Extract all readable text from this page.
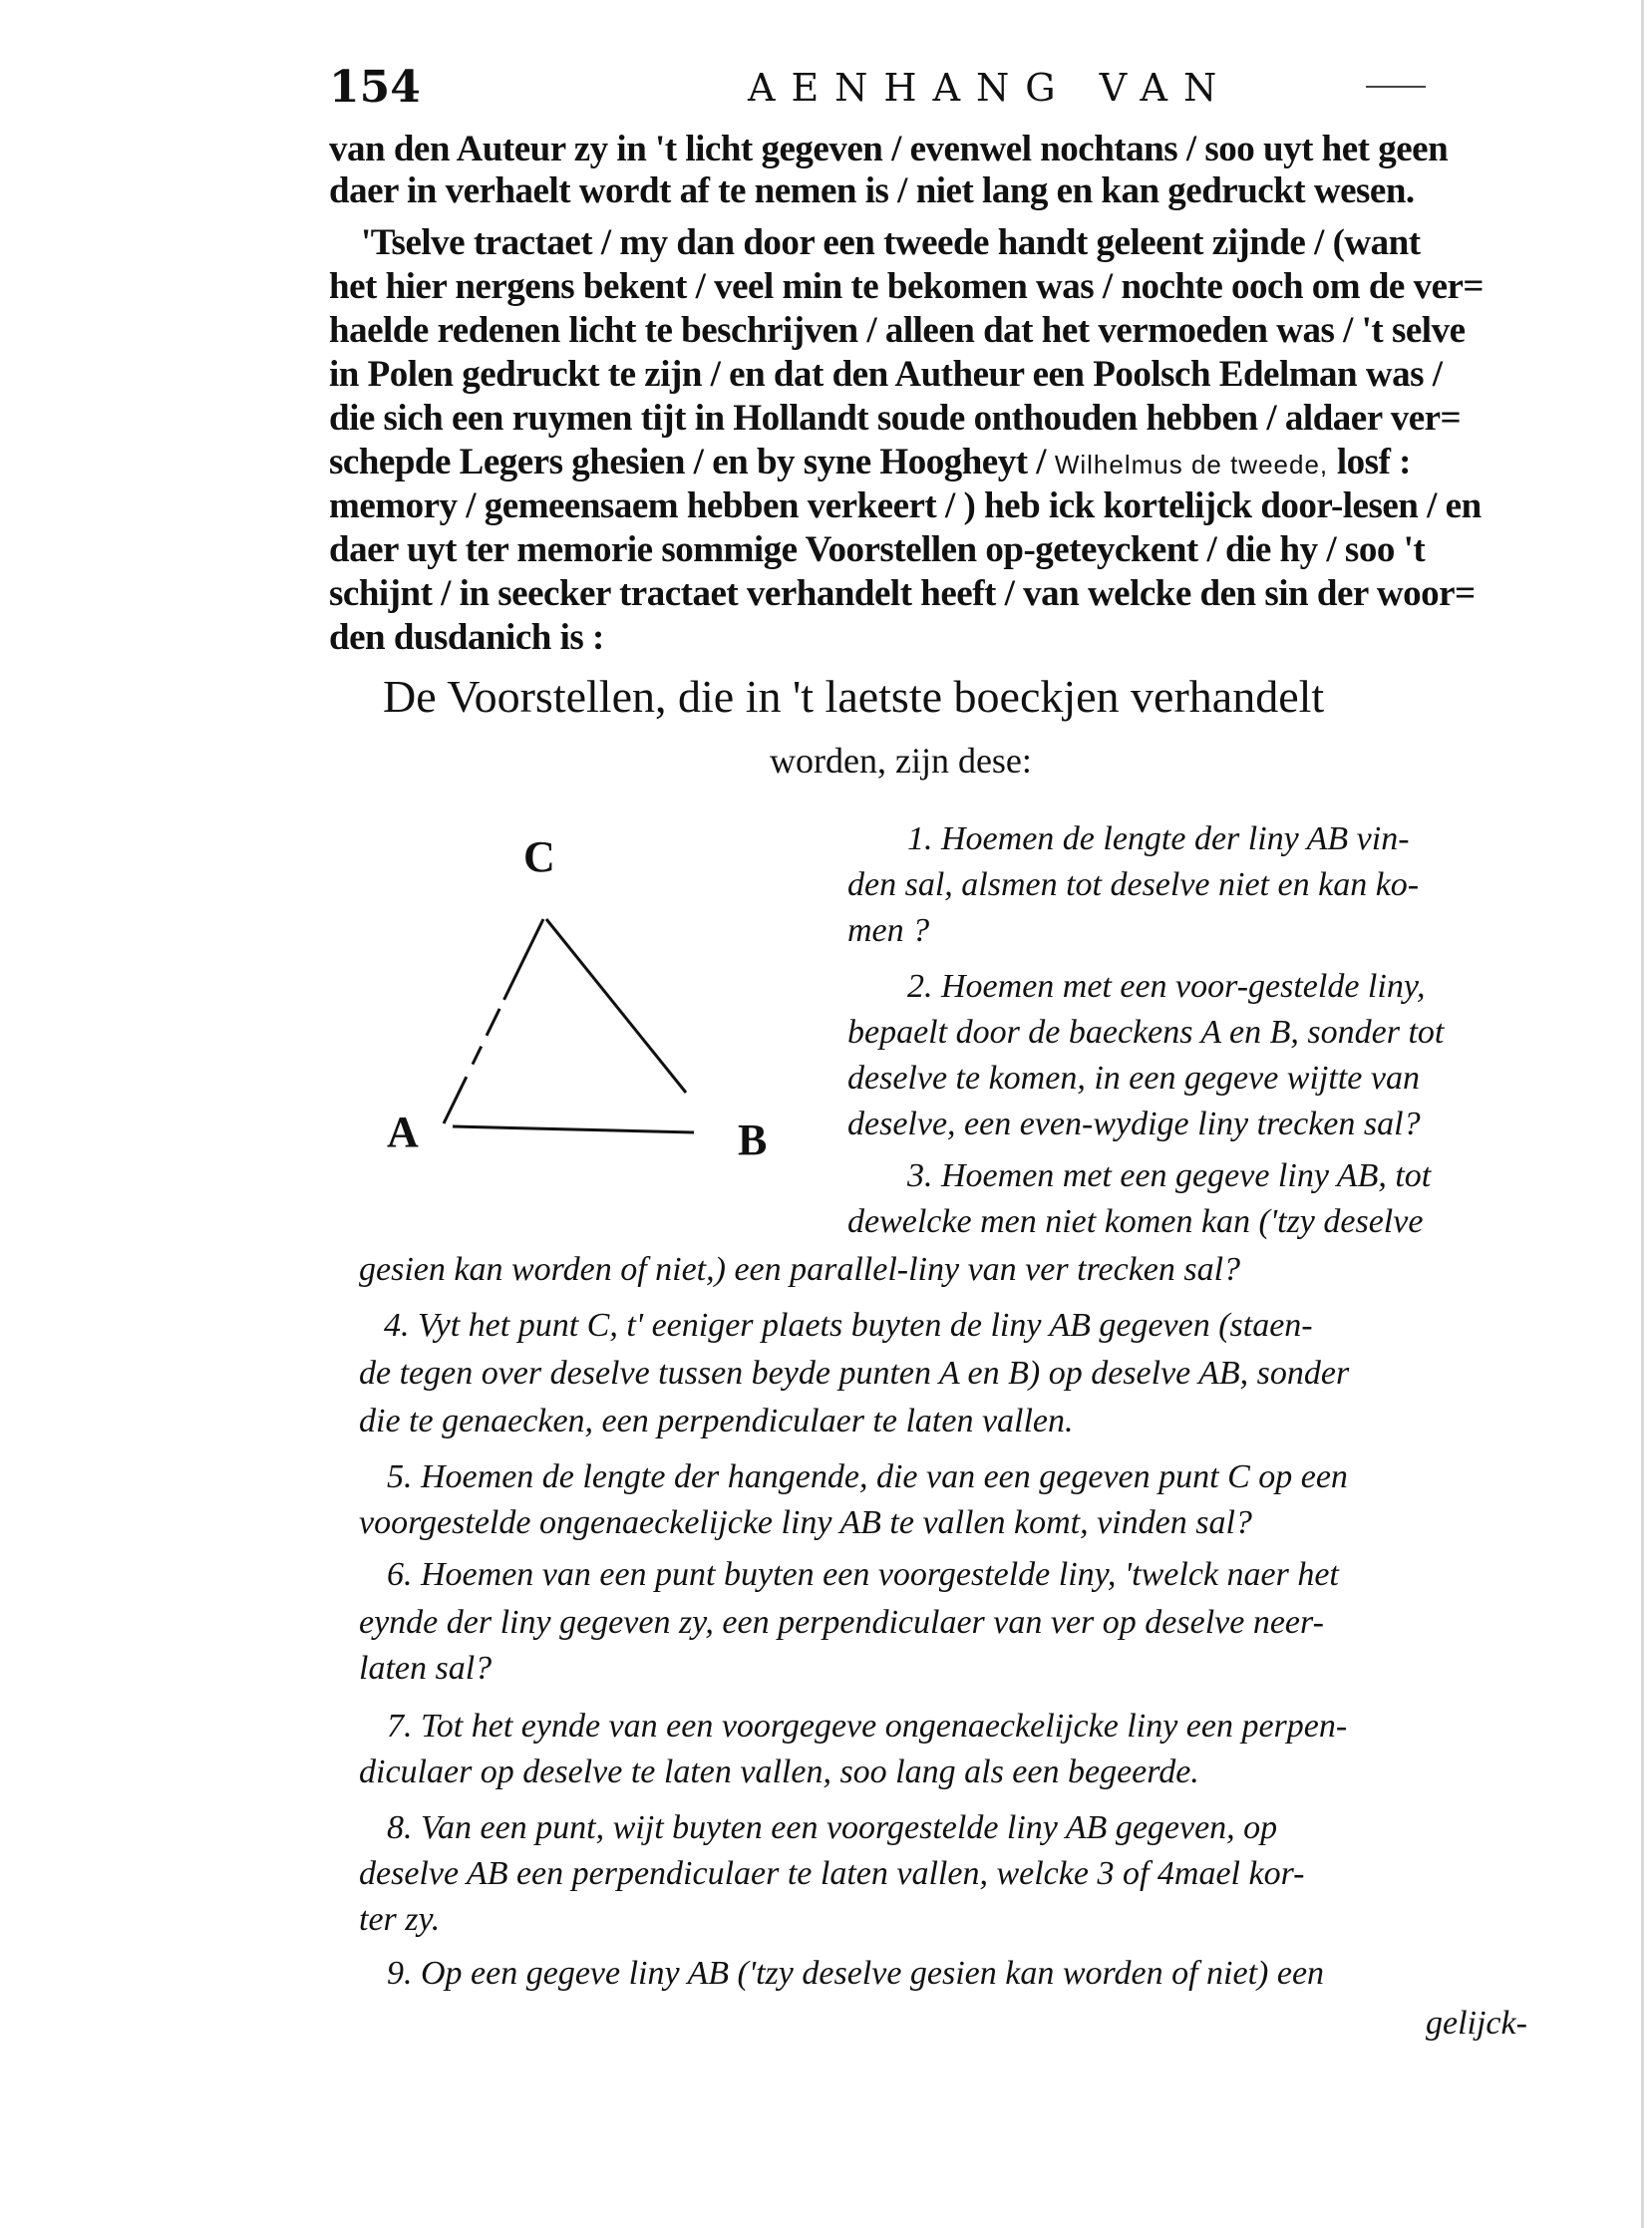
154	AENHANG VAN
van den Auteur zy in 't licht gegeven / evenwel nochtans / soo uyt het geen
daer in verhaelt wordt af te nemen is / niet lang en kan gedruckt wesen.
'Tselve tractaet / my dan door een tweede handt geleent zijnde / (want
het hier nergens bekent / veel min te bekomen was / nochte ooch om de ver=
haelde redenen licht te beschrijven / alleen dat het vermoeden was / 't selve
in Polen gedruckt te zijn / en dat den Autheur een Poolsch Edelman was /
die sich een ruymen tijt in Hollandt soude onthouden hebben / aldaer ver=
schepde Legers ghesien / en by syne Hoogheyt / Wilhelmus de tweede, losf :
memory / gemeensaem hebben verkeert / ) heb ick kortelijck door-lesen / en
daer uyt ter memorie sommige Voorstellen op-geteyckent / die hy / soo 't
schijnt / in seecker tractaet verhandelt heeft / van welcke den sin der woor=
den dusdanich is :
De Voorstellen, die in 't laetste boeckjen verhandelt
worden, zijn dese:
C
A	B
1. Hoemen de lengte der liny AB vin-
den sal, alsmen tot deselve niet en kan ko-
men ?
2. Hoemen met een voor-gestelde liny,
bepaelt door de baeckens A en B, sonder tot
deselve te komen, in een gegeve wijtte van
deselve, een even-wydige liny trecken sal?
3. Hoemen met een gegeve liny AB, tot
dewelcke men niet komen kan ('tzy deselve
gesien kan worden of niet,) een parallel-liny van ver trecken sal?
4. Vyt het punt C, t' eeniger plaets buyten de liny AB gegeven (staen-
de tegen over deselve tussen beyde punten A en B) op deselve AB, sonder
die te genaecken, een perpendiculaer te laten vallen.
5. Hoemen de lengte der hangende, die van een gegeven punt C op een
voorgestelde ongenaeckelijcke liny AB te vallen komt, vinden sal?
6. Hoemen van een punt buyten een voorgestelde liny, 'twelck naer het
eynde der liny gegeven zy, een perpendiculaer van ver op deselve neer-
laten sal?
7. Tot het eynde van een voorgegeve ongenaeckelijcke liny een perpen-
diculaer op deselve te laten vallen, soo lang als een begeerde.
8. Van een punt, wijt buyten een voorgestelde liny AB gegeven, op
deselve AB een perpendiculaer te laten vallen, welcke 3 of 4mael kor-
ter zy.
9. Op een gegeve liny AB ('tzy deselve gesien kan worden of niet) een
gelijck-
